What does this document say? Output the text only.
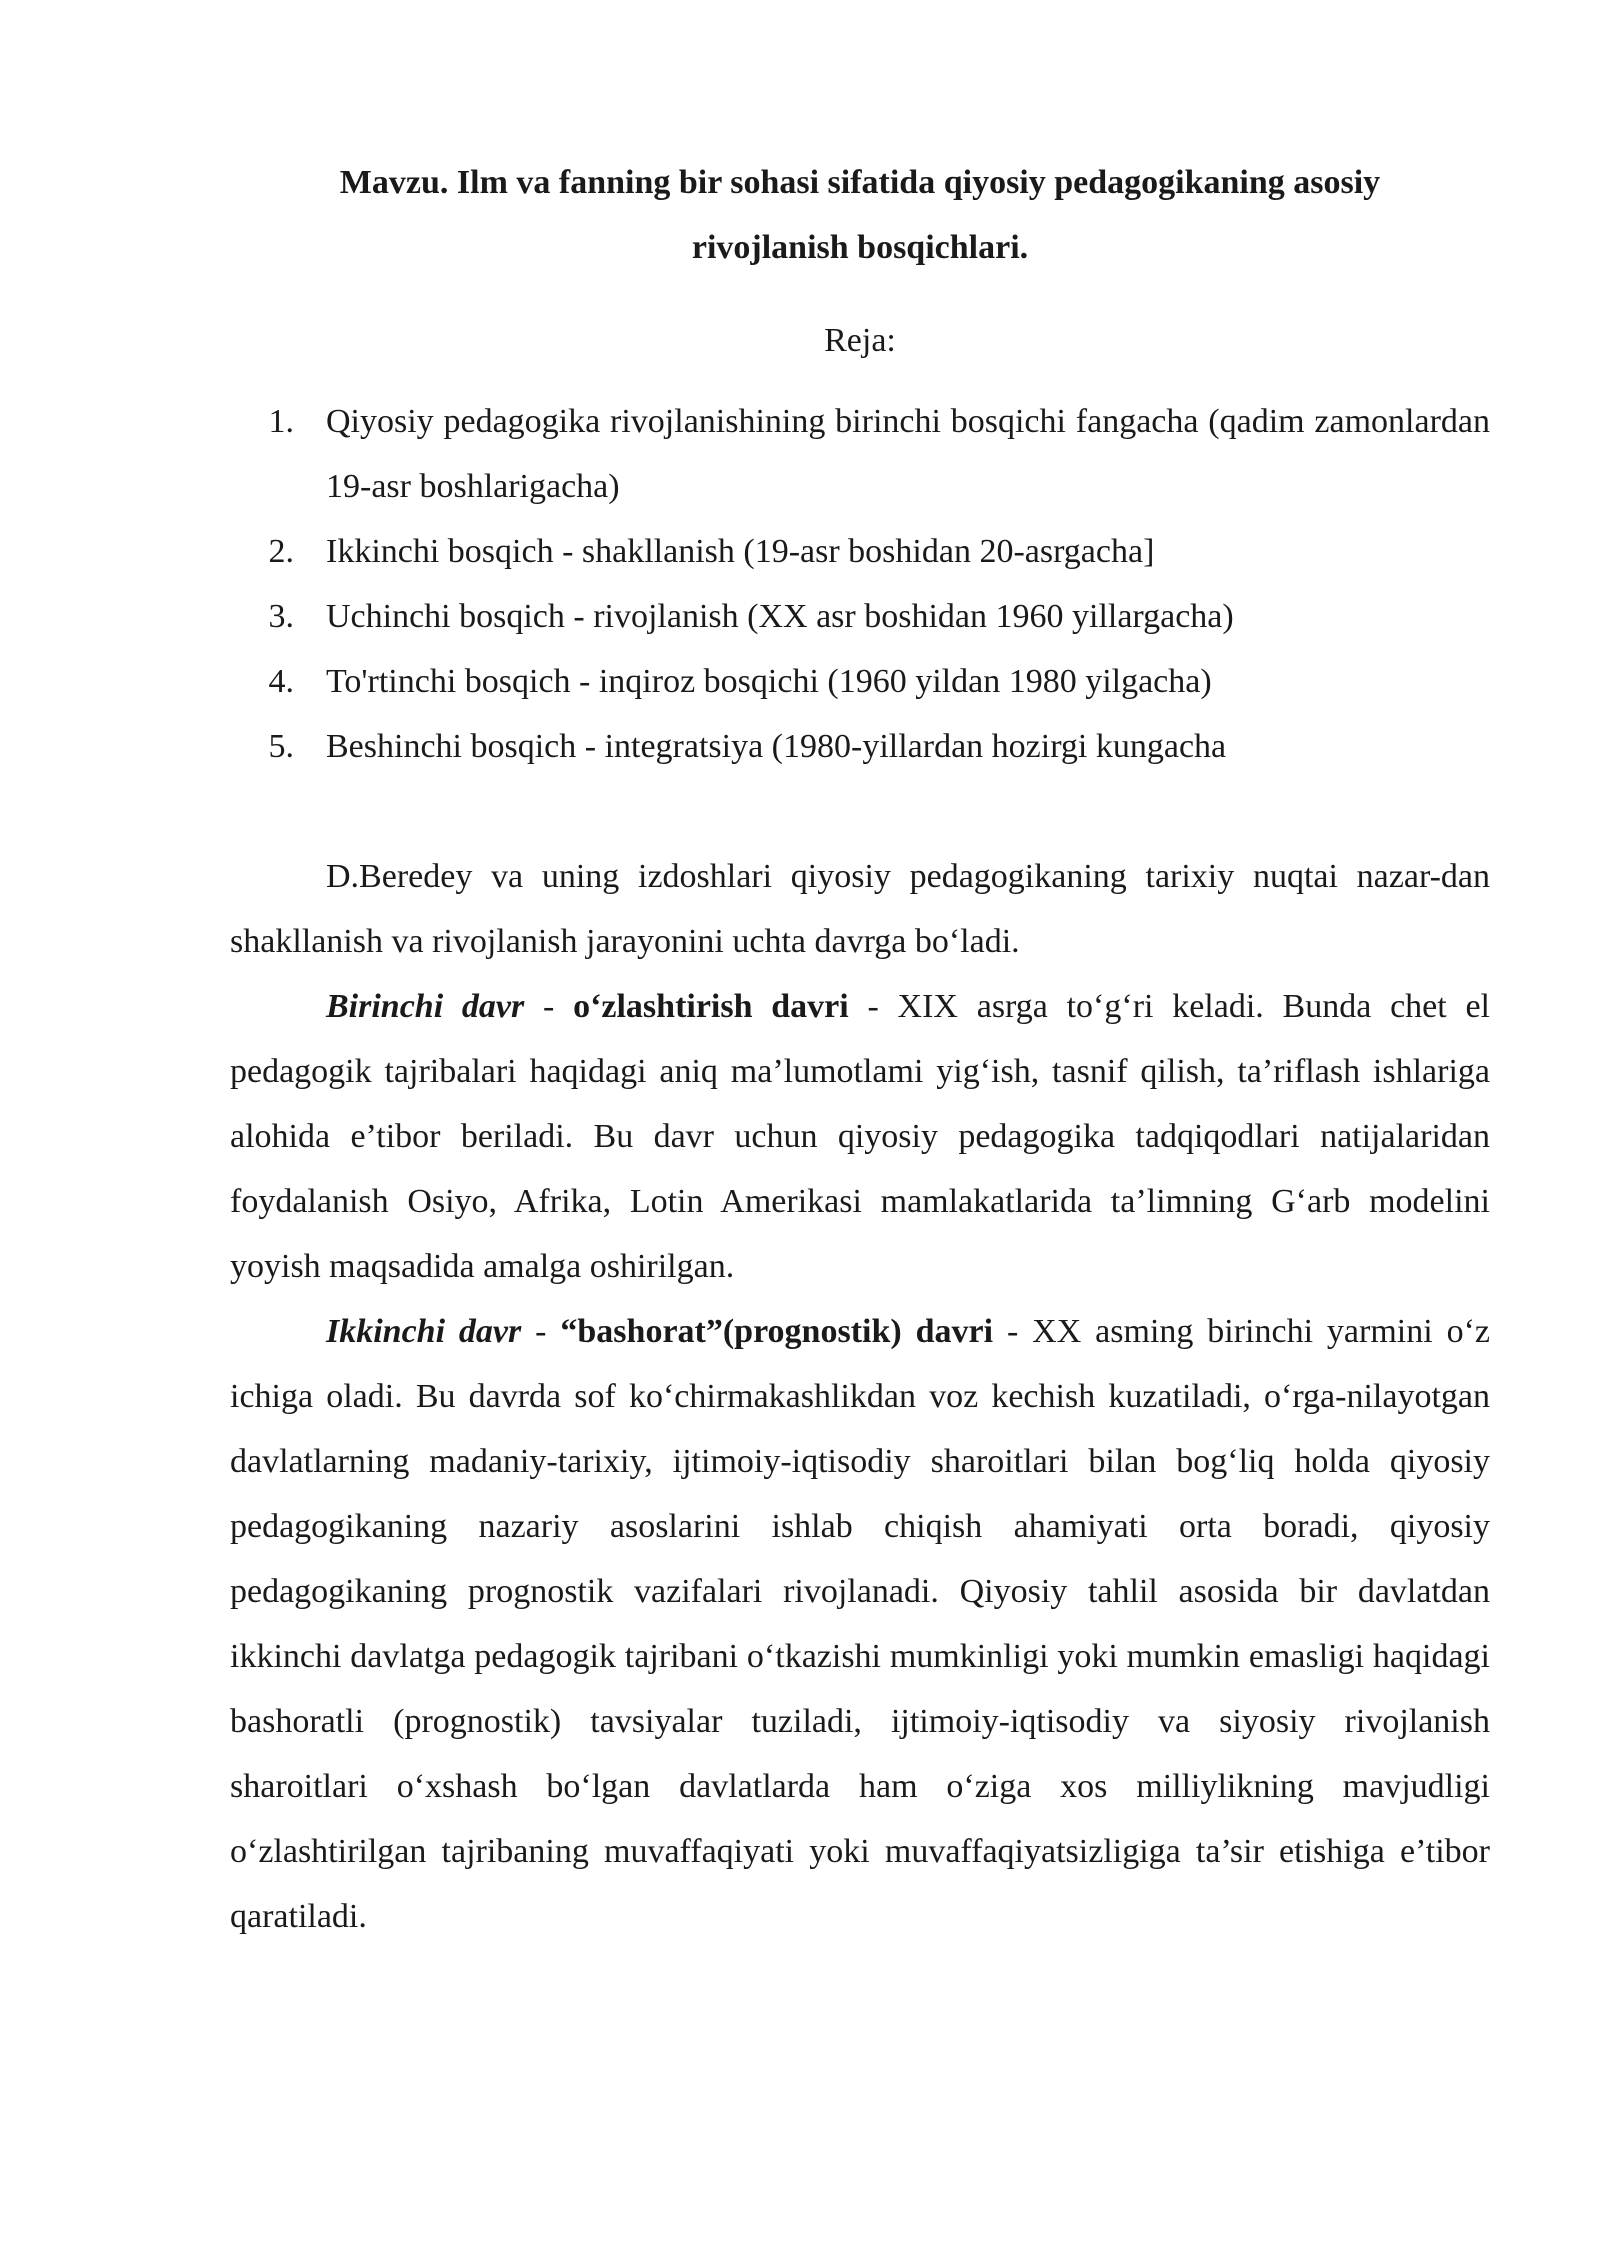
Mavzu. Ilm va fanning bir sohasi sifatida qiyosiy pedagogikaning asosiy rivojlanish bosqichlari.

Reja:
1. Qiyosiy pedagogika rivojlanishining birinchi bosqichi fangacha (qadim zamonlardan 19-asr boshlarigacha)
2. Ikkinchi bosqich - shakllanish (19-asr boshidan 20-asrgacha]
3. Uchinchi bosqich - rivojlanish (XX asr boshidan 1960 yillargacha)
4. To'rtinchi bosqich - inqiroz bosqichi (1960 yildan 1980 yilgacha)
5. Beshinchi bosqich - integratsiya (1980-yillardan hozirgi kungacha

D.Beredey va uning izdoshlari qiyosiy pedagogikaning tarixiy nuqtai nazar-dan shakllanish va rivojlanish jarayonini uchta davrga bo‘ladi.

Birinchi davr - o‘zlashtirish davri - XIX asrga to‘g‘ri keladi. Bunda chet el pedagogik tajribalari haqidagi aniq ma’lumotlami yig‘ish, tasnif qilish, ta’riflash ishlariga alohida e’tibor beriladi. Bu davr uchun qiyosiy pedagogika tadqiqodlari natijalaridan foydalanish Osiyo, Afrika, Lotin Amerikasi mamlakatlarida ta’limning G‘arb modelini yoyish maqsadida amalga oshirilgan.

Ikkinchi davr - “bashorat”(prognostik) davri - XX asming birinchi yarmini o‘z ichiga oladi. Bu davrda sof ko‘chirmakashlikdan voz kechish kuzatiladi, o‘rga-nilayotgan davlatlarning madaniy-tarixiy, ijtimoiy-iqtisodiy sharoitlari bilan bog‘liq holda qiyosiy pedagogikaning nazariy asoslarini ishlab chiqish ahamiyati orta boradi, qiyosiy pedagogikaning prognostik vazifalari rivojlanadi. Qiyosiy tahlil asosida bir davlatdan ikkinchi davlatga pedagogik tajribani o‘tkazishi mumkinligi yoki mumkin emasligi haqidagi bashoratli (prognostik) tavsiyalar tuziladi, ijtimoiy-iqtisodiy va siyosiy rivojlanish sharoitlari o‘xshash bo‘lgan davlatlarda ham o‘ziga xos milliylikning mavjudligi o‘zlashtirilgan tajribaning muvaffaqiyati yoki muvaffaqiyatsizligiga ta’sir etishiga e’tibor qaratiladi.
